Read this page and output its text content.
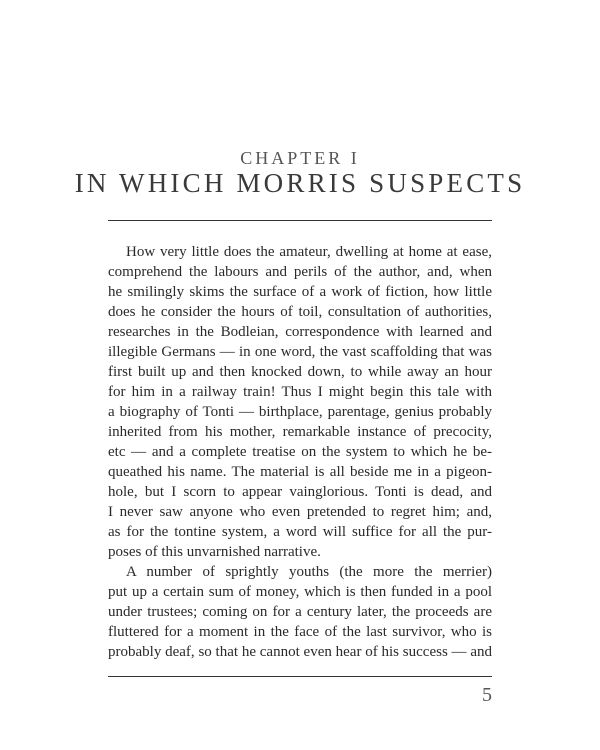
CHAPTER I
IN WHICH MORRIS SUSPECTS
How very little does the amateur, dwelling at home at ease,
comprehend the labours and perils of the author, and, when
he smilingly skims the surface of a work of fiction, how little
does he consider the hours of toil, consultation of authorities,
researches in the Bodleian, correspondence with learned and
illegible Germans — in one word, the vast scaffolding that was
first built up and then knocked down, to while away an hour
for him in a railway train! Thus I might begin this tale with
a biography of Tonti — birthplace, parentage, genius probably
inherited from his mother, remarkable instance of precocity,
etc — and a complete treatise on the system to which he be-
queathed his name. The material is all beside me in a pigeon-
hole, but I scorn to appear vainglorious. Tonti is dead, and
I never saw anyone who even pretended to regret him; and,
as for the tontine system, a word will suffice for all the pur-
poses of this unvarnished narrative.
A number of sprightly youths (the more the merrier)
put up a certain sum of money, which is then funded in a pool
under trustees; coming on for a century later, the proceeds are
fluttered for a moment in the face of the last survivor, who is
probably deaf, so that he cannot even hear of his success — and
5
